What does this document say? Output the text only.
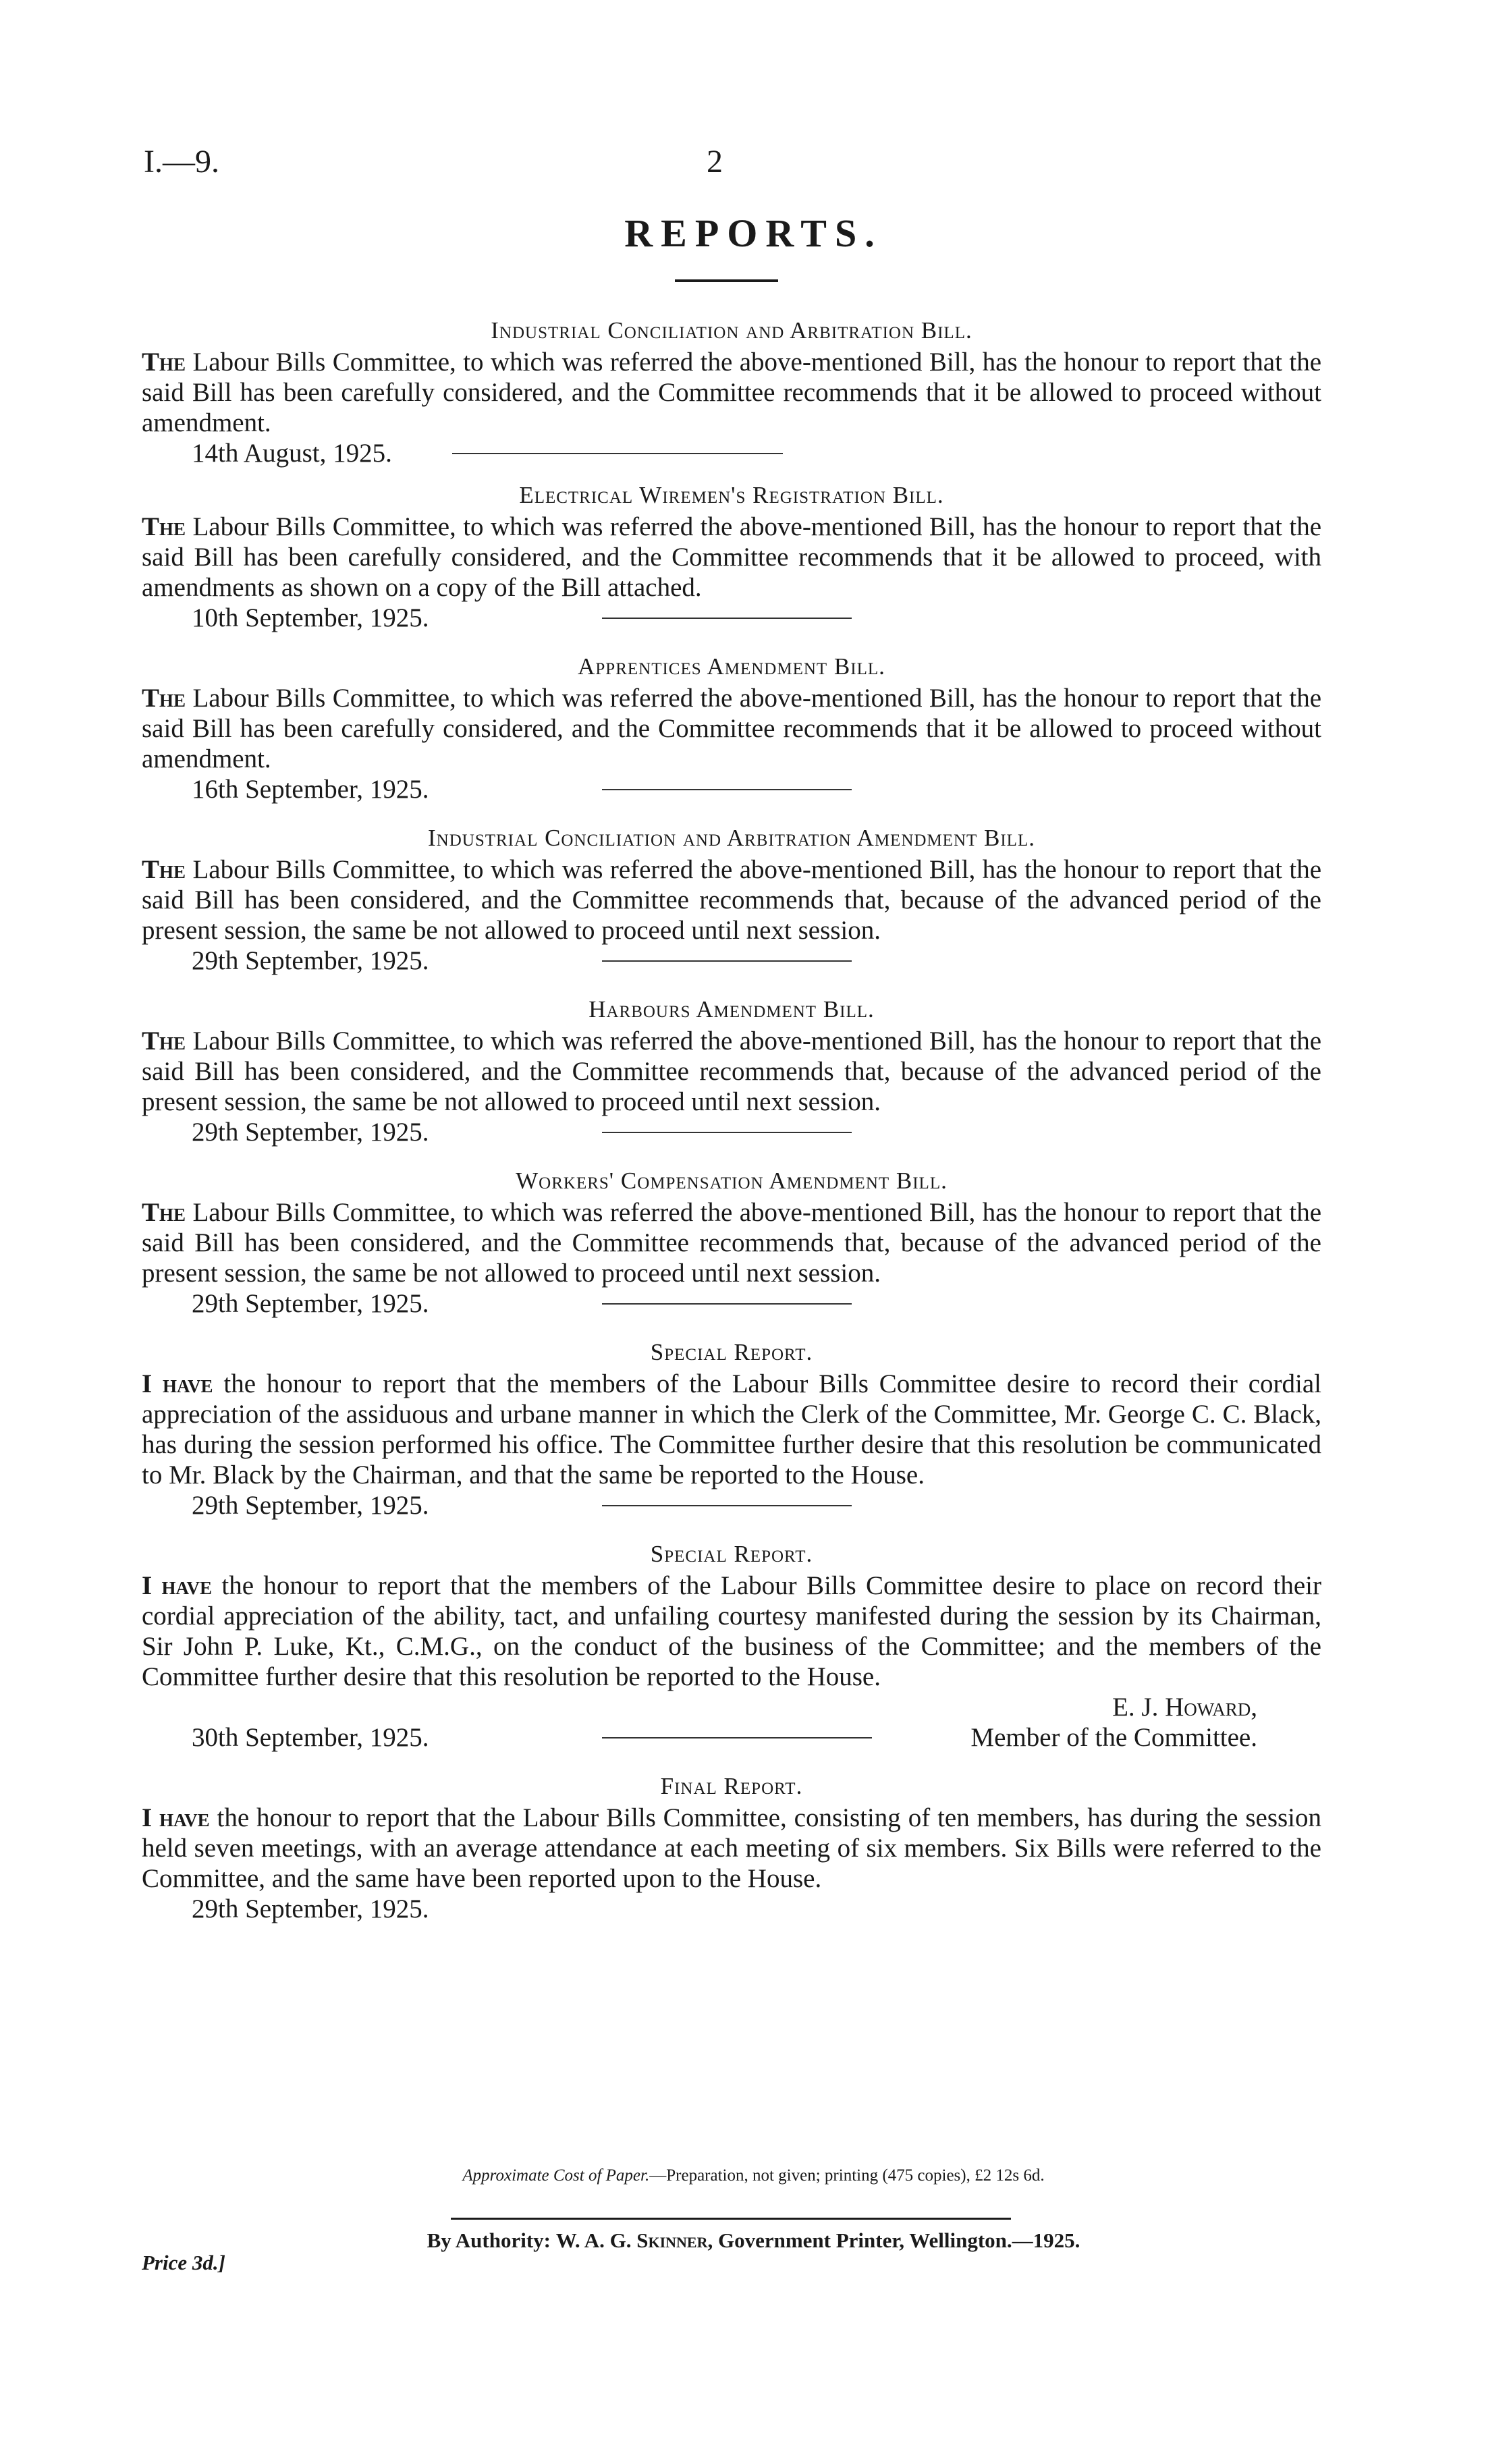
I.—9.	2
REPORTS.
Industrial Conciliation and Arbitration Bill.

The Labour Bills Committee, to which was referred the above-mentioned Bill, has the honour to report that the said Bill has been carefully considered, and the Committee recommends that it be allowed to proceed without amendment.

14th August, 1925.
Electrical Wiremen's Registration Bill.

The Labour Bills Committee, to which was referred the above-mentioned Bill, has the honour to report that the said Bill has been carefully considered, and the Committee recommends that it be allowed to proceed, with amendments as shown on a copy of the Bill attached.

10th September, 1925.
Apprentices Amendment Bill.

The Labour Bills Committee, to which was referred the above-mentioned Bill, has the honour to report that the said Bill has been carefully considered, and the Committee recommends that it be allowed to proceed without amendment.

16th September, 1925.
Industrial Conciliation and Arbitration Amendment Bill.

The Labour Bills Committee, to which was referred the above-mentioned Bill, has the honour to report that the said Bill has been considered, and the Committee recommends that, because of the advanced period of the present session, the same be not allowed to proceed until next session.

29th September, 1925.
Harbours Amendment Bill.

The Labour Bills Committee, to which was referred the above-mentioned Bill, has the honour to report that the said Bill has been considered, and the Committee recommends that, because of the advanced period of the present session, the same be not allowed to proceed until next session.

29th September, 1925.
Workers' Compensation Amendment Bill.

The Labour Bills Committee, to which was referred the above-mentioned Bill, has the honour to report that the said Bill has been considered, and the Committee recommends that, because of the advanced period of the present session, the same be not allowed to proceed until next session.

29th September, 1925.
Special Report.

I have the honour to report that the members of the Labour Bills Committee desire to record their cordial appreciation of the assiduous and urbane manner in which the Clerk of the Committee, Mr. George C. C. Black, has during the session performed his office. The Committee further desire that this resolution be communicated to Mr. Black by the Chairman, and that the same be reported to the House.

29th September, 1925.
Special Report.

I have the honour to report that the members of the Labour Bills Committee desire to place on record their cordial appreciation of the ability, tact, and unfailing courtesy manifested during the session by its Chairman, Sir John P. Luke, Kt., C.M.G., on the conduct of the business of the Committee; and the members of the Committee further desire that this resolution be reported to the House.

E. J. Howard,
30th September, 1925.	Member of the Committee.
Final Report.

I have the honour to report that the Labour Bills Committee, consisting of ten members, has during the session held seven meetings, with an average attendance at each meeting of six members. Six Bills were referred to the Committee, and the same have been reported upon to the House.

29th September, 1925.
Approximate Cost of Paper.—Preparation, not given; printing (475 copies), £2 12s 6d.
By Authority: W. A. G. Skinner, Government Printer, Wellington.—1925.
Price 3d.]
